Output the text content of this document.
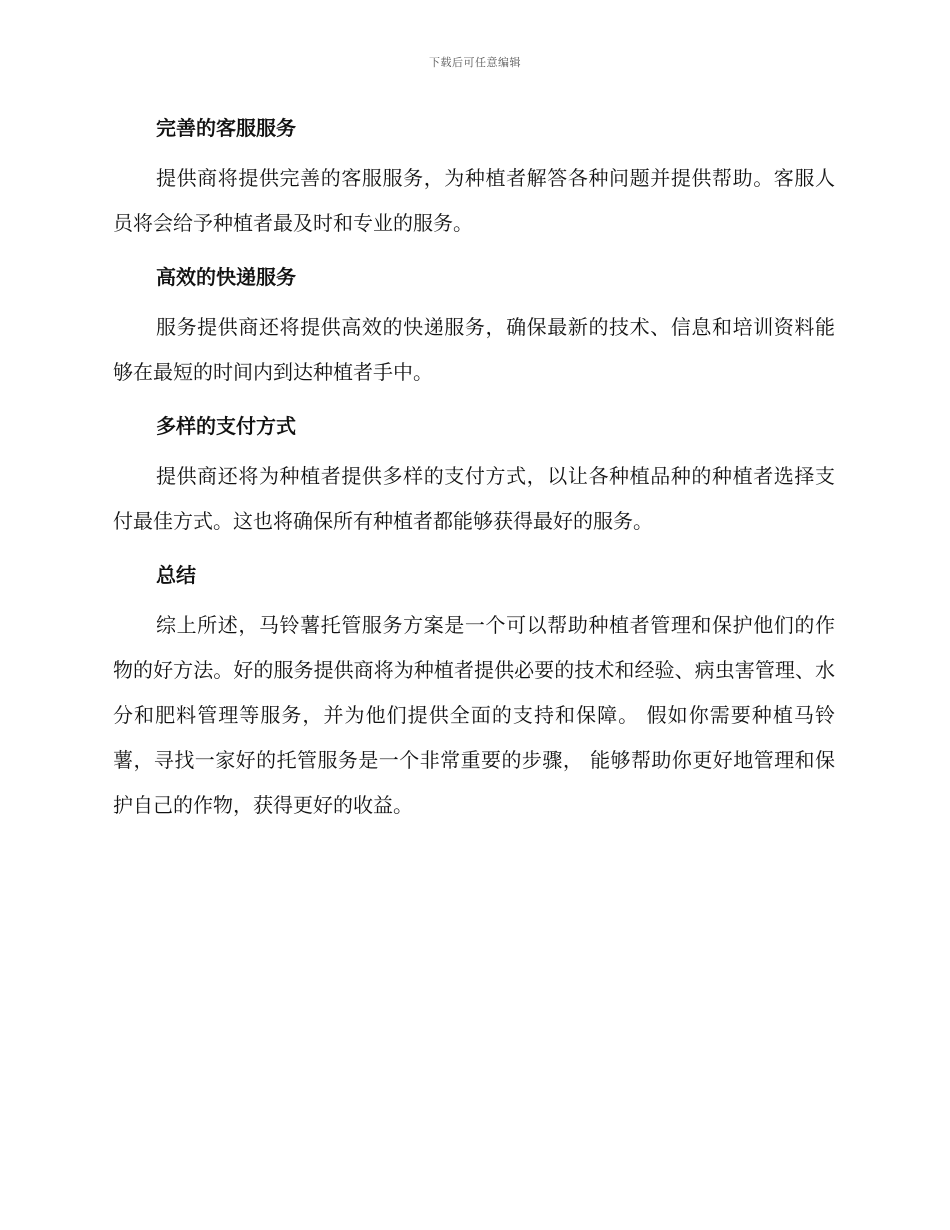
下载后可任意编辑
完善的客服服务

提供商将提供完善的客服服务，为种植者解答各种问题并提供帮助。客服人员将会给予种植者最及时和专业的服务。

高效的快递服务

服务提供商还将提供高效的快递服务，确保最新的技术、信息和培训资料能够在最短的时间内到达种植者手中。

多样的支付方式

提供商还将为种植者提供多样的支付方式，以让各种植品种的种植者选择支付最佳方式。这也将确保所有种植者都能够获得最好的服务。

总结

综上所述，马铃薯托管服务方案是一个可以帮助种植者管理和保护他们的作物的好方法。好的服务提供商将为种植者提供必要的技术和经验、病虫害管理、水分和肥料管理等服务，并为他们提供全面的支持和保障。 假如你需要种植马铃薯，寻找一家好的托管服务是一个非常重要的步骤， 能够帮助你更好地管理和保护自己的作物，获得更好的收益。
